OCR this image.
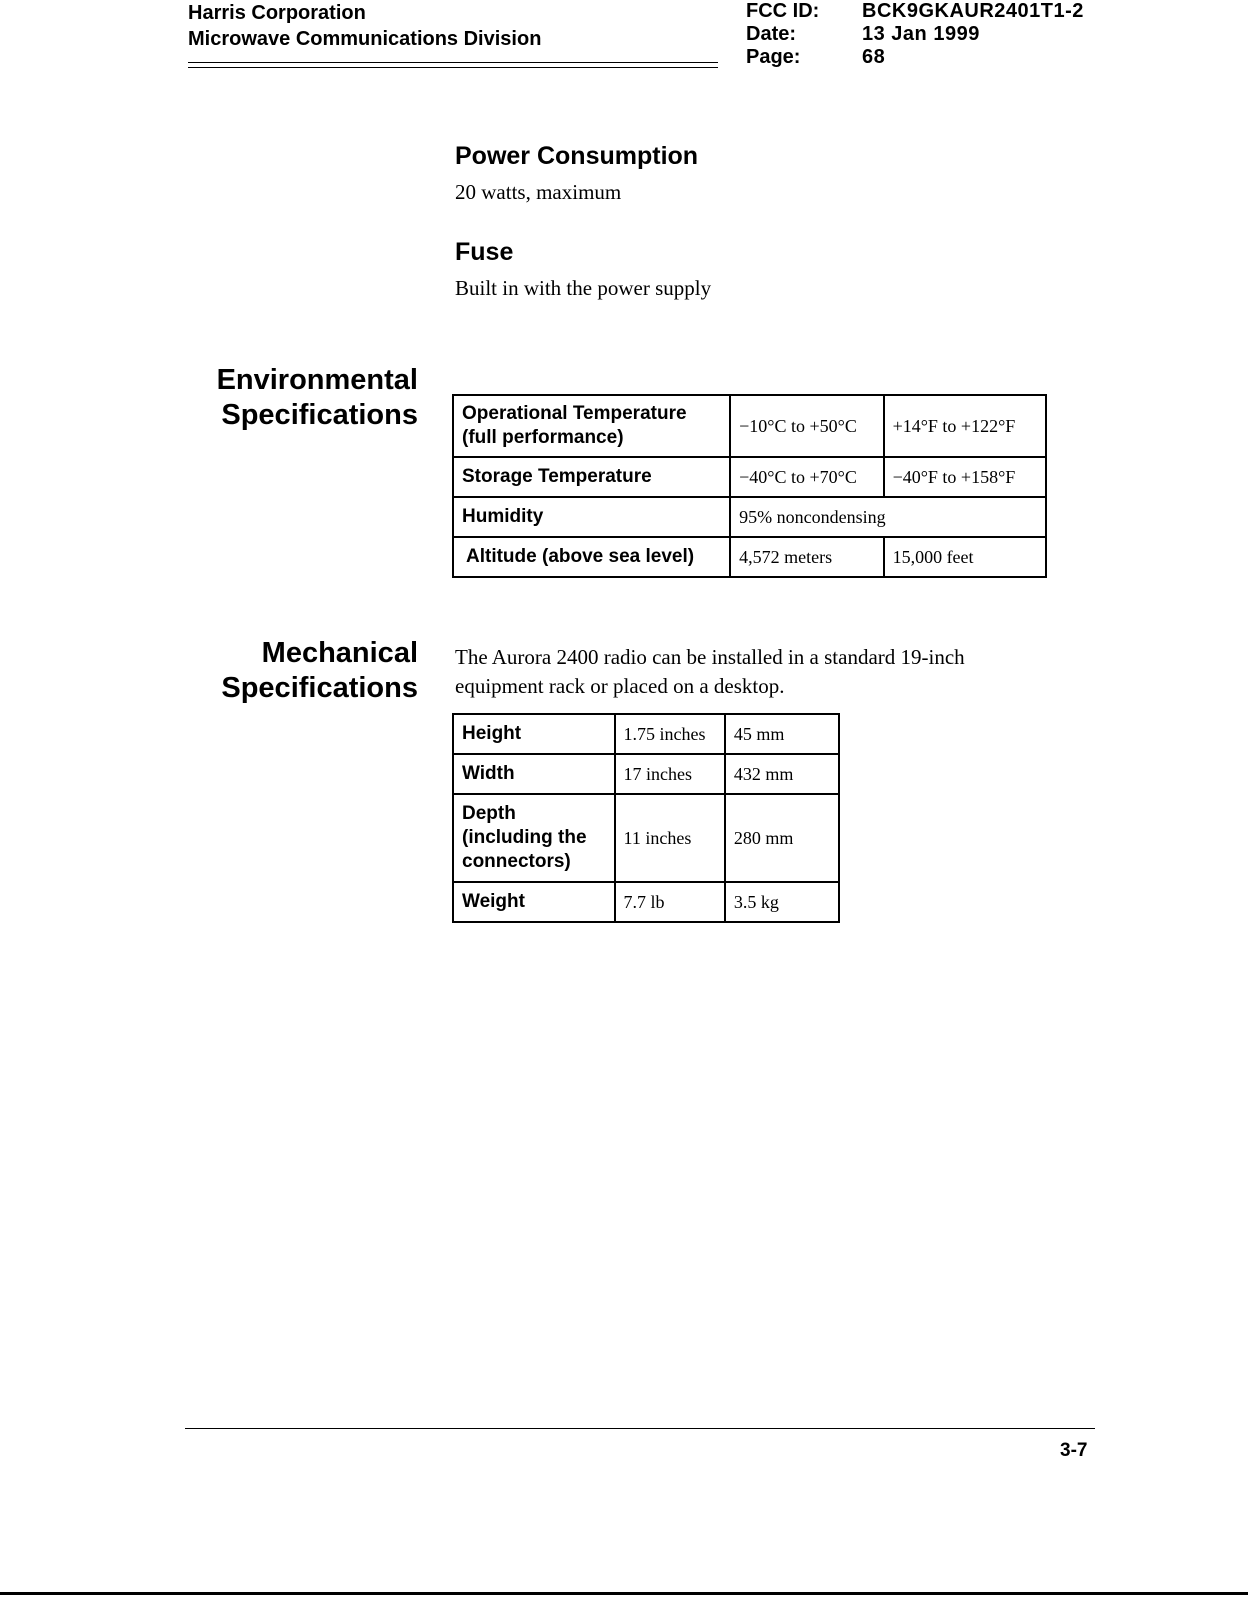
Harris Corporation
Microwave Communications Division
FCC ID:	BCK9GKAUR2401T1-2
Date:	13 Jan 1999
Page:	68
Power Consumption
20 watts, maximum
Fuse
Built in with the power supply
Environmental
Specifications Operational Temperature
(full performance)	−10°C to +50°C	+14°F to +122°F
Storage Temperature	−40°C to +70°C	−40°F to +158°F
Humidity	95% noncondensing	
Altitude (above sea level)	4,572 meters	15,000 feet
Mechanical
Specifications
The Aurora 2400 radio can be installed in a standard 19-inch
equipment rack or placed on a desktop.
Height	1.75 inches	45 mm
Width	17 inches	432 mm

Depth
(including the
connectors)	11 inches	280 mm
Weight	7.7 lb	3.5 kg
3-7
